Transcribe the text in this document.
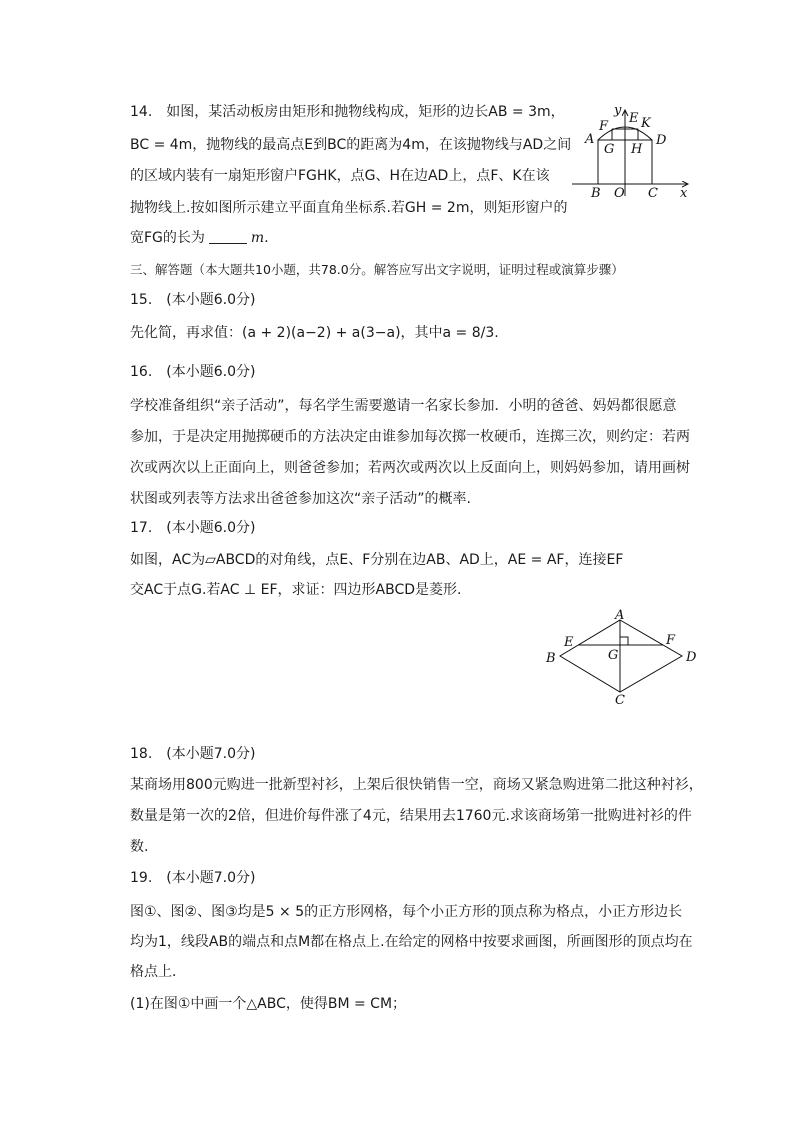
14.　如图，某活动板房由矩形和抛物线构成，矩形的边长AB = 3m，
BC = 4m，抛物线的最高点E到BC的距离为4m，在该抛物线与AD之间
的区域内装有一扇矩形窗户FGHK，点G、H在边AD上，点F、K在该
抛物线上.按如图所示建立平面直角坐标系.若GH = 2m，则矩形窗户的
宽FG的长为	m.
A	D
F
E K
G H
B O C x
y
三、解答题（本大题共10小题，共78.0分。解答应写出文字说明，证明过程或演算步骤）
15.　(本小题6.0分)
先化简，再求值：(a + 2)(a−2) + a(3−a)，其中a = 8/3.
16.　(本小题6.0分)
学校准备组织“亲子活动”，每名学生需要邀请一名家长参加．小明的爸爸、妈妈都很愿意
参加，于是决定用抛掷硬币的方法决定由谁参加每次掷一枚硬币，连掷三次，则约定：若两
次或两次以上正面向上，则爸爸参加；若两次或两次以上反面向上，则妈妈参加，请用画树
状图或列表等方法求出爸爸参加这次“亲子活动”的概率.
17.　(本小题6.0分)
如图，AC为▱ABCD的对角线，点E、F分别在边AB、AD上，AE = AF，连接EF
交AC于点G.若AC ⊥ EF，求证：四边形ABCD是菱形.
A
E	F
B	G	D
C
18.　(本小题7.0分)
某商场用800元购进一批新型衬衫，上架后很快销售一空，商场又紧急购进第二批这种衬衫，
数量是第一次的2倍，但进价每件涨了4元，结果用去1760元.求该商场第一批购进衬衫的件
数.
19.　(本小题7.0分)
图①、图②、图③均是5 × 5的正方形网格，每个小正方形的顶点称为格点，小正方形边长
均为1，线段AB的端点和点M都在格点上.在给定的网格中按要求画图，所画图形的顶点均在
格点上．
(1)在图①中画一个△ABC，使得BM = CM；
